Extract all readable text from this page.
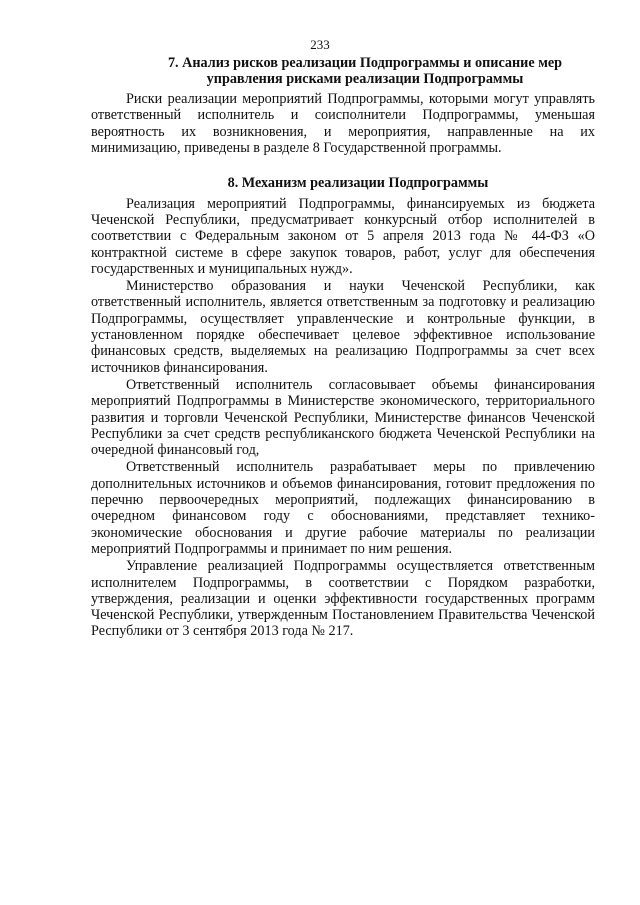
233
7. Анализ рисков реализации Подпрограммы и описание мер управления рисками реализации Подпрограммы

Риски реализации мероприятий Подпрограммы, которыми могут управлять ответственный исполнитель и соисполнители Подпрограммы, уменьшая вероятность их возникновения, и мероприятия, направленные на их минимизацию, приведены в разделе 8 Государственной программы.

8. Механизм реализации Подпрограммы

Реализация мероприятий Подпрограммы, финансируемых из бюджета Чеченской Республики, предусматривает конкурсный отбор исполнителей в соответствии с Федеральным законом от 5 апреля 2013 года № 44-ФЗ «О контрактной системе в сфере закупок товаров, работ, услуг для обеспечения государственных и муниципальных нужд».

Министерство образования и науки Чеченской Республики, как ответственный исполнитель, является ответственным за подготовку и реализацию Подпрограммы, осуществляет управленческие и контрольные функции, в установленном порядке обеспечивает целевое эффективное использование финансовых средств, выделяемых на реализацию Подпрограммы за счет всех источников финансирования.

Ответственный исполнитель согласовывает объемы финансирования мероприятий Подпрограммы в Министерстве экономического, территориального развития и торговли Чеченской Республики, Министерстве финансов Чеченской Республики за счет средств республиканского бюджета Чеченской Республики на очередной финансовый год,

Ответственный исполнитель разрабатывает меры по привлечению дополнительных источников и объемов финансирования, готовит предложения по перечню первоочередных мероприятий, подлежащих финансированию в очередном финансовом году с обоснованиями, представляет технико-экономические обоснования и другие рабочие материалы по реализации мероприятий Подпрограммы и принимает по ним решения.

Управление реализацией Подпрограммы осуществляется ответственным исполнителем Подпрограммы, в соответствии с Порядком разработки, утверждения, реализации и оценки эффективности государственных программ Чеченской Республики, утвержденным Постановлением Правительства Чеченской Республики от 3 сентября 2013 года № 217.
